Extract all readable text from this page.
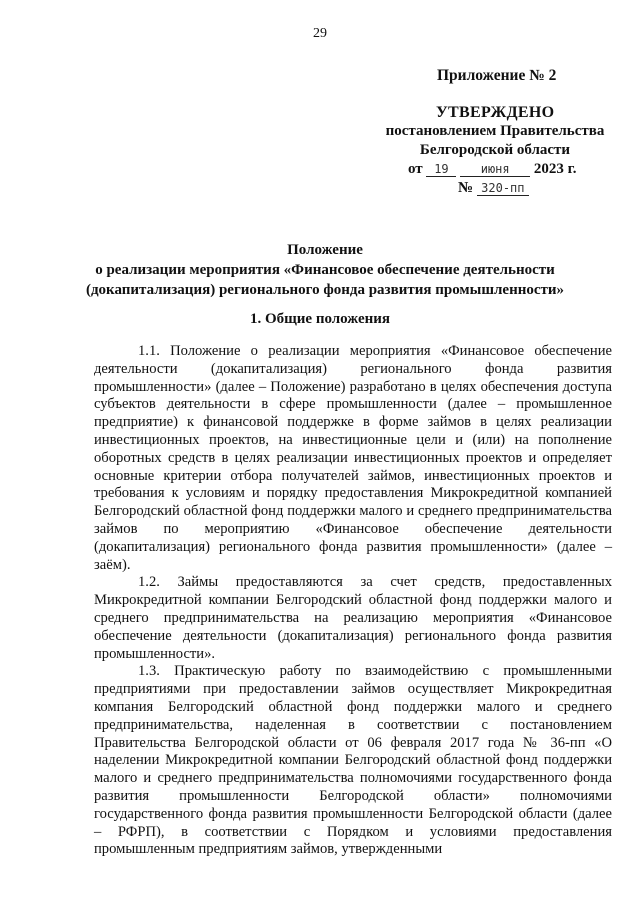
29
Приложение № 2
УТВЕРЖДЕНО
постановлением Правительства
Белгородской области
от 19	июня 2023 г.
№ 320-пп
Положение
о реализации мероприятия «Финансовое обеспечение деятельности
(докапитализация) регионального фонда развития промышленности»
1. Общие положения

1.1. Положение о реализации мероприятия «Финансовое обеспечение деятельности (докапитализация) регионального фонда развития промышленности» (далее – Положение) разработано в целях обеспечения доступа субъектов деятельности в сфере промышленности (далее – промышленное предприятие) к финансовой поддержке в форме займов в целях реализации инвестиционных проектов, на инвестиционные цели и (или) на пополнение оборотных средств в целях реализации инвестиционных проектов и определяет основные критерии отбора получателей займов, инвестиционных проектов и требования к условиям и порядку предоставления Микрокредитной компанией Белгородский областной фонд поддержки малого и среднего предпринимательства займов по мероприятию «Финансовое обеспечение деятельности (докапитализация) регионального фонда развития промышленности» (далее – заём).

1.2. Займы предоставляются за счет средств, предоставленных Микрокредитной компании Белгородский областной фонд поддержки малого и среднего предпринимательства на реализацию мероприятия «Финансовое обеспечение деятельности (докапитализация) регионального фонда развития промышленности».

1.3. Практическую работу по взаимодействию с промышленными предприятиями при предоставлении займов осуществляет Микрокредитная компания Белгородский областной фонд поддержки малого и среднего предпринимательства, наделенная в соответствии с постановлением Правительства Белгородской области от 06 февраля 2017 года № 36-пп «О наделении Микрокредитной компании Белгородский областной фонд поддержки малого и среднего предпринимательства полномочиями государственного фонда развития промышленности Белгородской области» полномочиями государственного фонда развития промышленности Белгородской области (далее – РФРП), в соответствии с Порядком и условиями предоставления промышленным предприятиям займов, утвержденными
